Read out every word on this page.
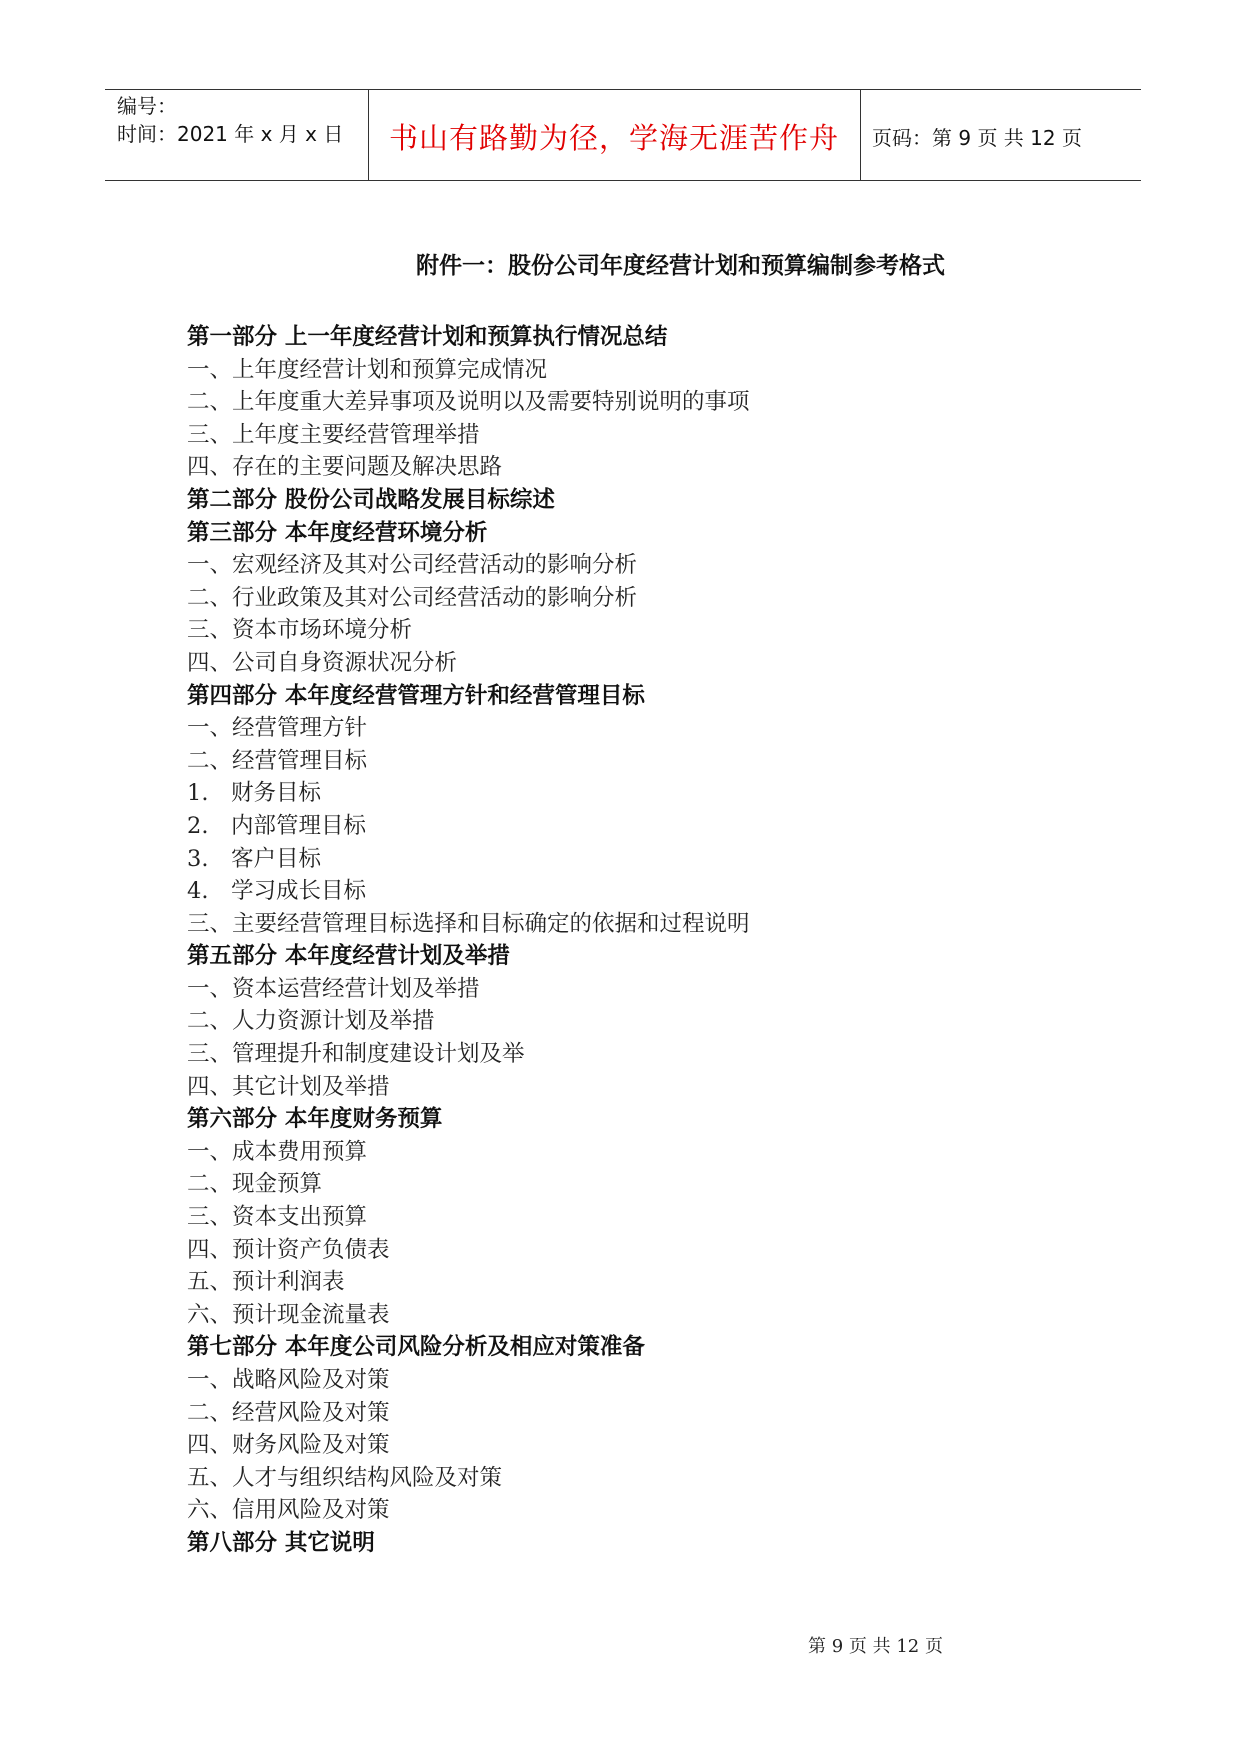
编号：
时间：2021 年 x 月 x 日	书山有路勤为径，学海无涯苦作舟	页码：第 9 页 共 12 页
附件一：股份公司年度经营计划和预算编制参考格式
第一部分 上一年度经营计划和预算执行情况总结
一、上年度经营计划和预算完成情况
二、上年度重大差异事项及说明以及需要特别说明的事项
三、上年度主要经营管理举措
四、存在的主要问题及解决思路
第二部分 股份公司战略发展目标综述
第三部分 本年度经营环境分析
一、宏观经济及其对公司经营活动的影响分析
二、行业政策及其对公司经营活动的影响分析
三、资本市场环境分析
四、公司自身资源状况分析
第四部分 本年度经营管理方针和经营管理目标
一、经营管理方针
二、经营管理目标
1. 财务目标
2. 内部管理目标
3. 客户目标
4. 学习成长目标
三、主要经营管理目标选择和目标确定的依据和过程说明
第五部分 本年度经营计划及举措
一、资本运营经营计划及举措
二、人力资源计划及举措
三、管理提升和制度建设计划及举
四、其它计划及举措
第六部分 本年度财务预算
一、成本费用预算
二、现金预算
三、资本支出预算
四、预计资产负债表
五、预计利润表
六、预计现金流量表
第七部分 本年度公司风险分析及相应对策准备
一、战略风险及对策
二、经营风险及对策
四、财务风险及对策
五、人才与组织结构风险及对策
六、信用风险及对策
第八部分 其它说明
第 9 页 共 12 页
